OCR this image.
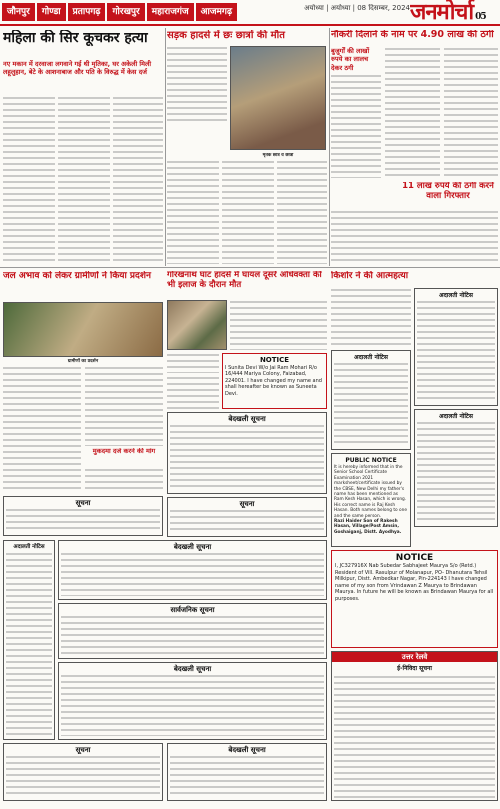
जौनपुर	गोण्डा	प्रतापगढ़	गोरखपुर	महाराजगंज	आजमगढ़	अयोध्या | अयोध्या | 08 दिसम्बर, 2024 जनमोर्चा 05
महिला की सिर कूचकर हत्या
नए मकान में दरवाजा लगवाने गई थी मृतिका, घर अकेली मिली लहूलुहान, बेटे के आशनाबाज और पति के विरुद्ध में केस दर्ज
सड़क हादसे में छः छात्रों की मौत
मृतक छात्र व छात्रा
नौकरी दिलाने के नाम पर 4.90 लाख की ठगी
बुजुर्गों की लाखों रुपये का लालच देकर ठगी
11 लाख रुपये की ठगी करने वाला गिरफ्तार
जल अभाव को लेकर ग्रामीणों ने किया प्रदर्शन
ग्रामीणों का प्रदर्शन
मुकदमा दर्ज करने की मांग
गोरखनाथ घाट हादसे में घायल दूसरे अधिवक्ता की भी इलाज के दौरान मौत
NOTICE
I Sunita Devi W/o Jai Ram Mohari R/o 16/444 Mariya Colony, Faizabad, 224001. I have changed my name and shall hereafter be known as Suneeta Devi.
किशोर ने की आत्महत्या
अदालती नोटिस
अदालती नोटिस
अदालती नोटिस
बेदखली सूचना
PUBLIC NOTICE
It is hereby informed that in the Senior School Certificate Examination 2021 marksheet/certificate issued by the CBSE, New Delhi my father's name has been mentioned as Ram Kesh Hasan, which is wrong. His correct name is Raj Kesh Hasan. Both names belong to one and the same person.
Razi Haider Son of Rakesh Hasan, Village/Post Amsin, Goshaiganj, Distt. Ayodhya.
सूचना	सूचना
अदालती नोटिस	बेदखली सूचना
सार्वजनिक सूचना
NOTICE
I, JC327916X Nab Subedar Sabhajeet Maurya S/o (Retd.) Resident of Vill. Rasulpur of Molanapur, PO- Dhanutara Tehsil Milkipur, Distt. Ambedkar Nagar, Pin-224143 I have changed name of my son from Vrindawan Z Maurya to Brindawan Maurya. In future he will be known as Brindawan Maurya for all purposes.
बेदखली सूचना
उत्तर रेलवे
ई-निविदा सूचना
सूचना	बेदखली सूचना
